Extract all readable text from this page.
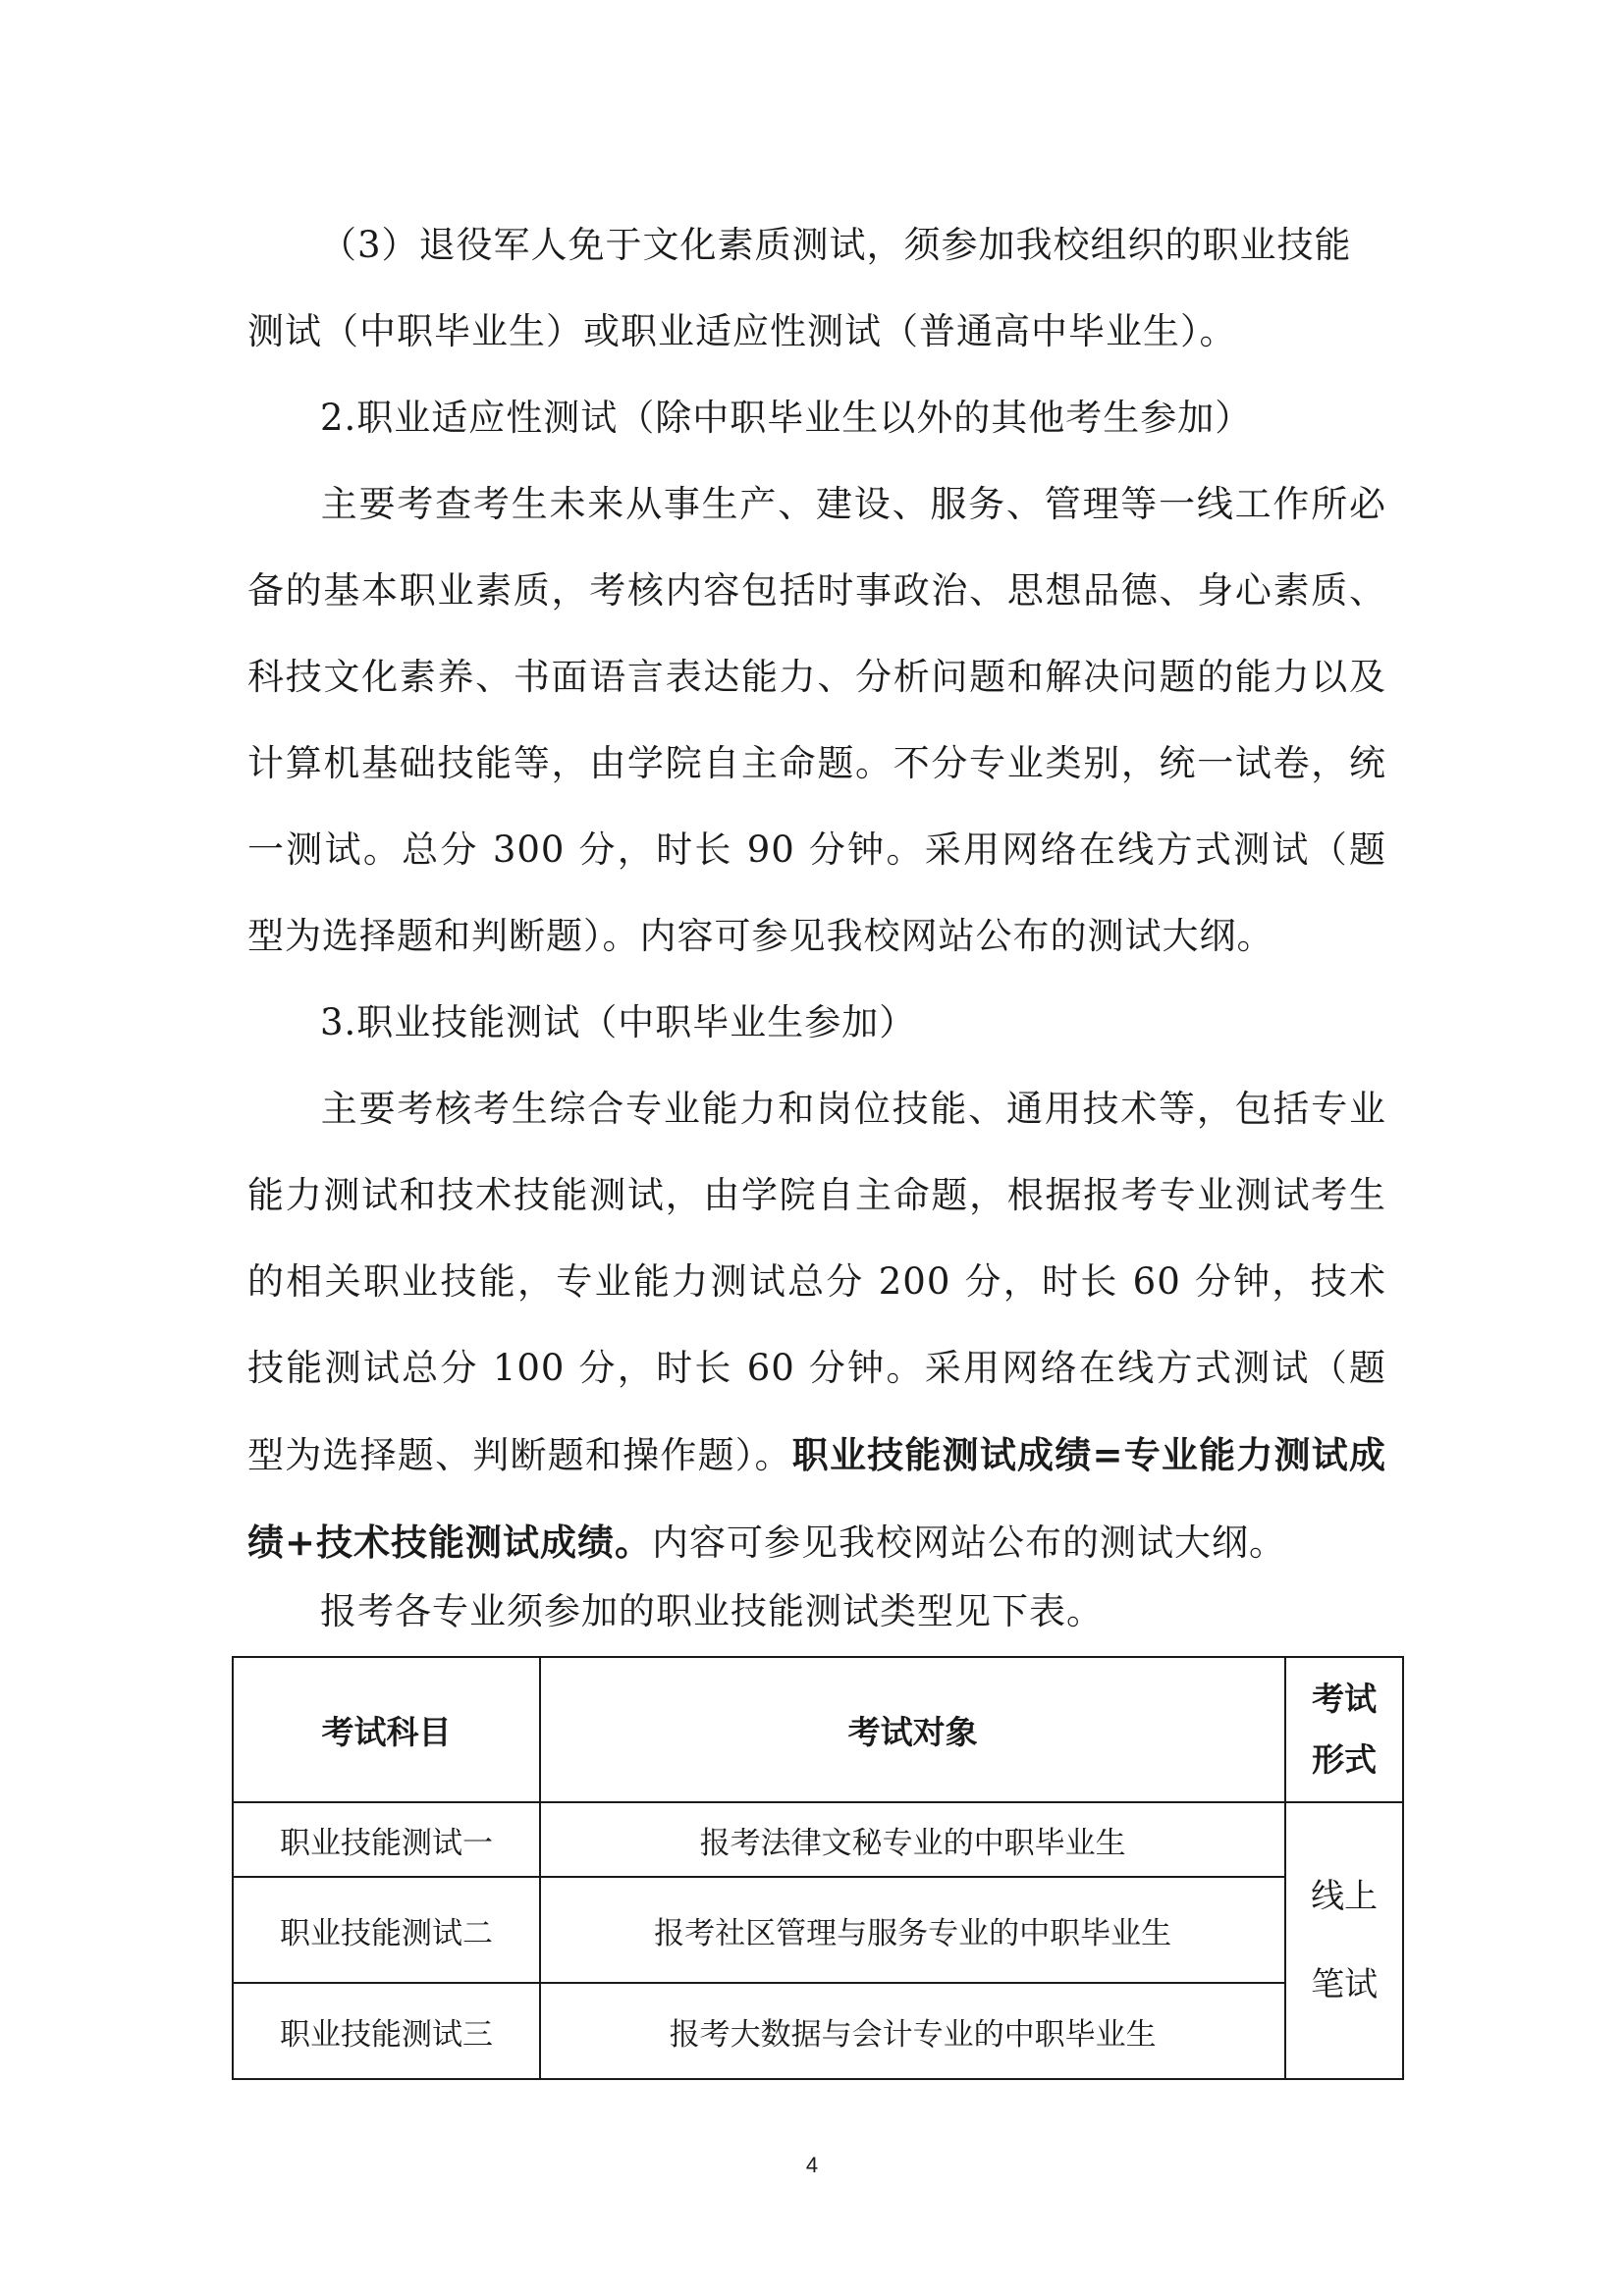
（3）退役军人免于文化素质测试，须参加我校组织的职业技能
测试（中职毕业生）或职业适应性测试（普通高中毕业生）。

2.职业适应性测试（除中职毕业生以外的其他考生参加）

主要考查考生未来从事生产、建设、服务、管理等一线工作所必备的基本职业素质，考核内容包括时事政治、思想品德、身心素质、科技文化素养、书面语言表达能力、分析问题和解决问题的能力以及计算机基础技能等，由学院自主命题。不分专业类别，统一试卷，统一测试。总分 300 分，时长 90 分钟。采用网络在线方式测试（题型为选择题和判断题）。内容可参见我校网站公布的测试大纲。

3.职业技能测试（中职毕业生参加）

主要考核考生综合专业能力和岗位技能、通用技术等，包括专业能力测试和技术技能测试，由学院自主命题，根据报考专业测试考生的相关职业技能，专业能力测试总分 200 分，时长 60 分钟，技术技能测试总分 100 分，时长 60 分钟。采用网络在线方式测试（题型为选择题、判断题和操作题）。职业技能测试成绩=专业能力测试成绩+技术技能测试成绩。内容可参见我校网站公布的测试大纲。

报考各专业须参加的职业技能测试类型见下表。

考试科目	考试对象	考试
形式
职业技能测试一	报考法律文秘专业的中职毕业生	线上
笔试
职业技能测试二	报考社区管理与服务专业的中职毕业生	
职业技能测试三	报考大数据与会计专业的中职毕业生	
4
